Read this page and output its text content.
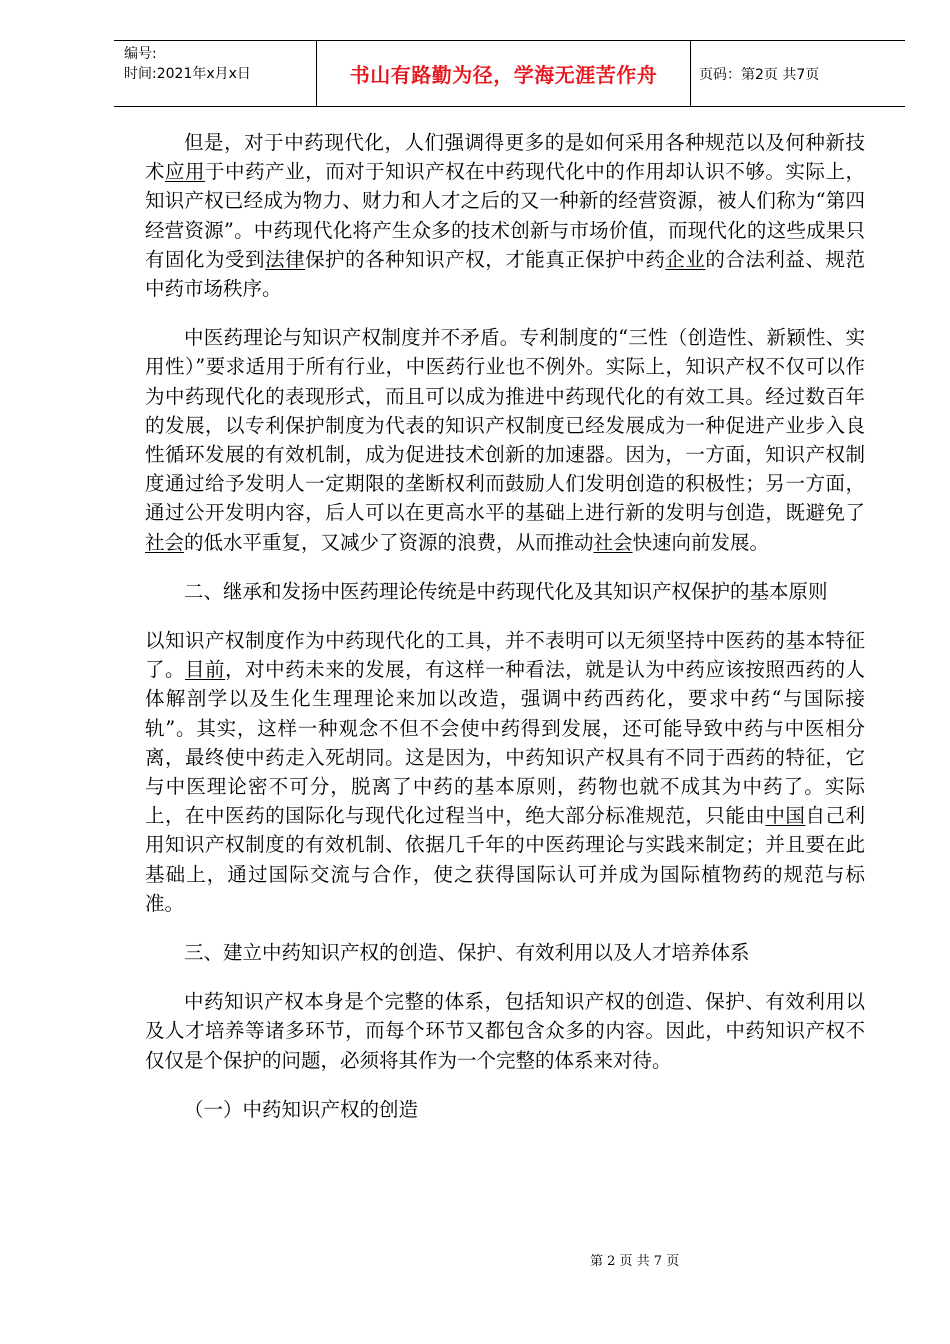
编号:
时间:2021年x月x日	书山有路勤为径，学海无涯苦作舟	页码：第2页 共7页

但是，对于中药现代化，人们强调得更多的是如何采用各种规范以及何种新技术应用于中药产业，而对于知识产权在中药现代化中的作用却认识不够。实际上，知识产权已经成为物力、财力和人才之后的又一种新的经营资源，被人们称为“第四经营资源”。中药现代化将产生众多的技术创新与市场价值，而现代化的这些成果只有固化为受到法律保护的各种知识产权，才能真正保护中药企业的合法利益、规范中药市场秩序。

中医药理论与知识产权制度并不矛盾。专利制度的“三性（创造性、新颖性、实用性）”要求适用于所有行业，中医药行业也不例外。实际上，知识产权不仅可以作为中药现代化的表现形式，而且可以成为推进中药现代化的有效工具。经过数百年的发展，以专利保护制度为代表的知识产权制度已经发展成为一种促进产业步入良性循环发展的有效机制，成为促进技术创新的加速器。因为，一方面，知识产权制度通过给予发明人一定期限的垄断权利而鼓励人们发明创造的积极性；另一方面，通过公开发明内容，后人可以在更高水平的基础上进行新的发明与创造，既避免了社会的低水平重复，又减少了资源的浪费，从而推动社会快速向前发展。

二、继承和发扬中医药理论传统是中药现代化及其知识产权保护的基本原则

以知识产权制度作为中药现代化的工具，并不表明可以无须坚持中医药的基本特征了。目前，对中药未来的发展，有这样一种看法，就是认为中药应该按照西药的人体解剖学以及生化生理理论来加以改造，强调中药西药化，要求中药“与国际接轨”。其实，这样一种观念不但不会使中药得到发展，还可能导致中药与中医相分离，最终使中药走入死胡同。这是因为，中药知识产权具有不同于西药的特征，它与中医理论密不可分，脱离了中药的基本原则，药物也就不成其为中药了。实际上，在中医药的国际化与现代化过程当中，绝大部分标准规范，只能由中国自己利用知识产权制度的有效机制、依据几千年的中医药理论与实践来制定；并且要在此基础上，通过国际交流与合作，使之获得国际认可并成为国际植物药的规范与标准。

三、建立中药知识产权的创造、保护、有效利用以及人才培养体系

中药知识产权本身是个完整的体系，包括知识产权的创造、保护、有效利用以及人才培养等诸多环节，而每个环节又都包含众多的内容。因此，中药知识产权不仅仅是个保护的问题，必须将其作为一个完整的体系来对待。

（一）中药知识产权的创造

第 2 页 共 7 页
